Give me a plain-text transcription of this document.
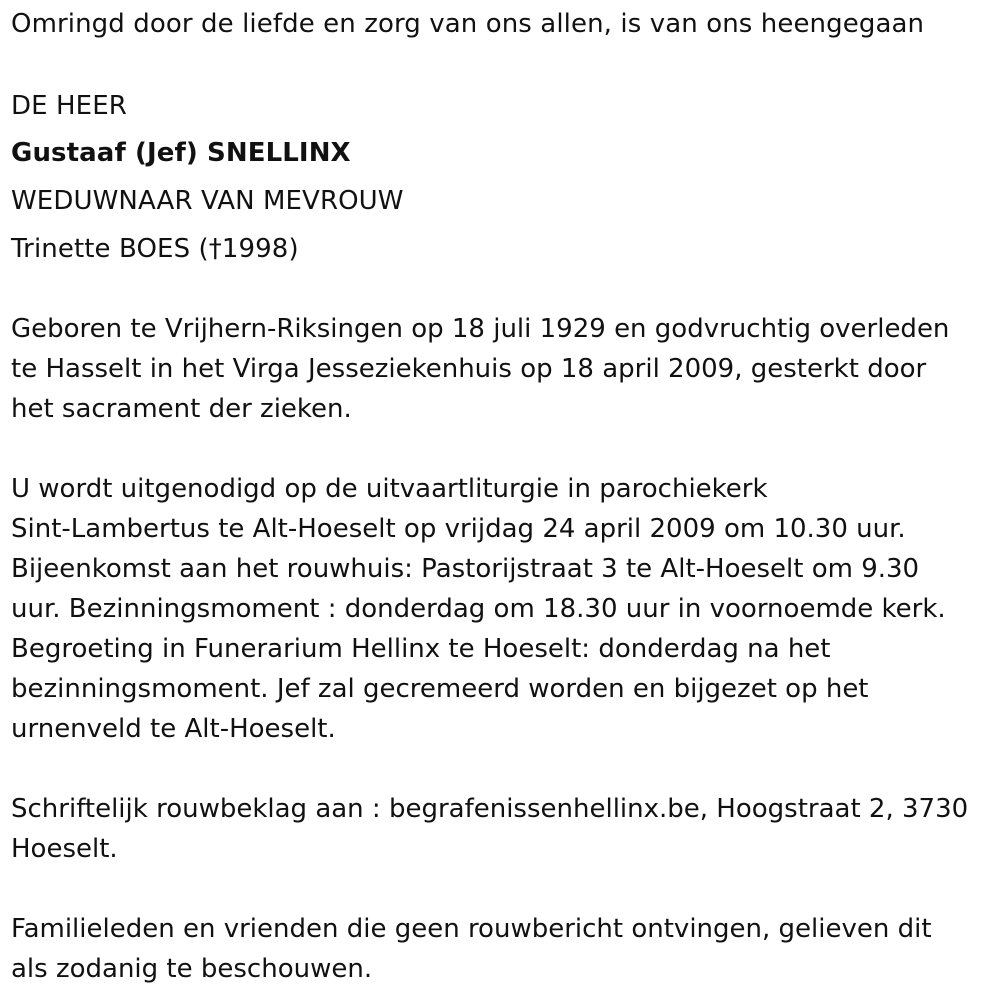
Omringd door de liefde en zorg van ons allen, is van ons heengegaan
DE HEER
Gustaaf (Jef) SNELLINX
WEDUWNAAR VAN MEVROUW
Trinette BOES (†1998)
Geboren te Vrijhern-Riksingen op 18 juli 1929 en godvruchtig overleden
te Hasselt in het Virga Jesseziekenhuis op 18 april 2009, gesterkt door
het sacrament der zieken.
U wordt uitgenodigd op de uitvaartliturgie in parochiekerk
Sint-Lambertus te Alt-Hoeselt op vrijdag 24 april 2009 om 10.30 uur.
Bijeenkomst aan het rouwhuis: Pastorijstraat 3 te Alt-Hoeselt om 9.30
uur. Bezinningsmoment : donderdag om 18.30 uur in voornoemde kerk.
Begroeting in Funerarium Hellinx te Hoeselt: donderdag na het
bezinningsmoment. Jef zal gecremeerd worden en bijgezet op het
urnenveld te Alt-Hoeselt.
Schriftelijk rouwbeklag aan : begrafenissenhellinx.be, Hoogstraat 2, 3730
Hoeselt.
Familieleden en vrienden die geen rouwbericht ontvingen, gelieven dit
als zodanig te beschouwen.
